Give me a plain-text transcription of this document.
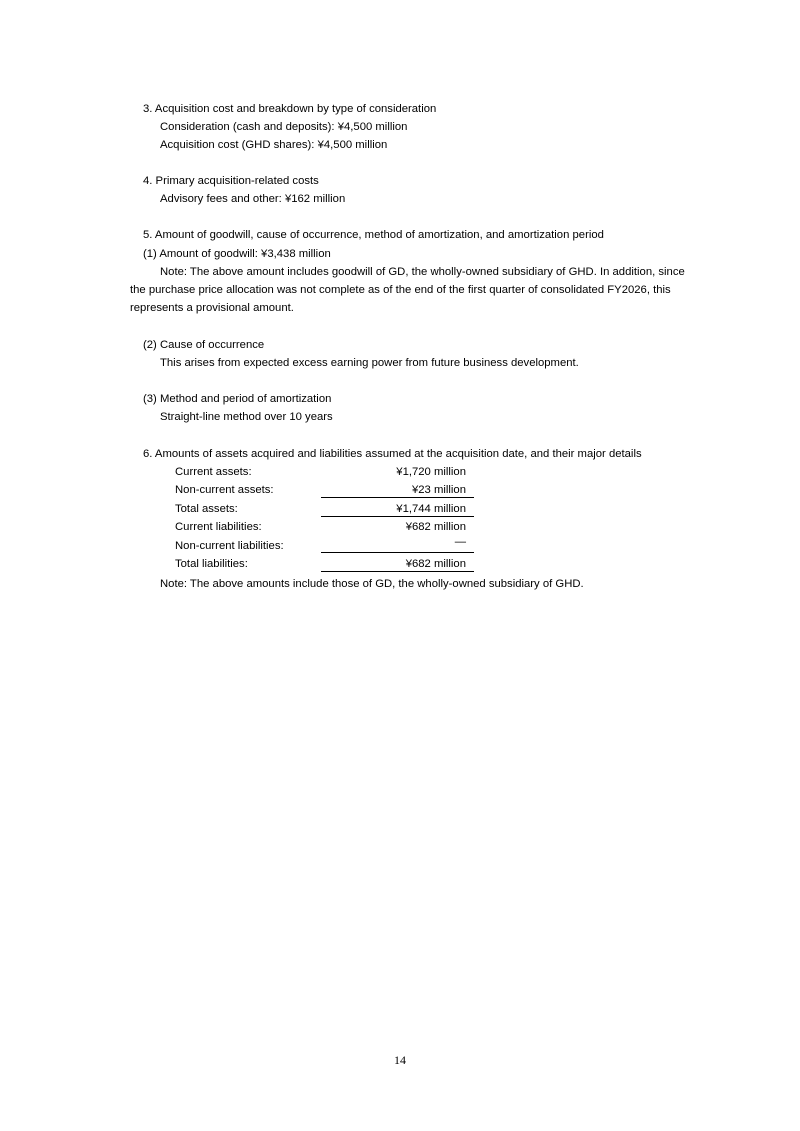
3. Acquisition cost and breakdown by type of consideration
Consideration (cash and deposits): ¥4,500 million
Acquisition cost (GHD shares): ¥4,500 million
4. Primary acquisition-related costs
Advisory fees and other: ¥162 million
5. Amount of goodwill, cause of occurrence, method of amortization, and amortization period
(1) Amount of goodwill: ¥3,438 million
Note: The above amount includes goodwill of GD, the wholly-owned subsidiary of GHD. In addition, since
the purchase price allocation was not complete as of the end of the first quarter of consolidated FY2026, this
represents a provisional amount.
(2) Cause of occurrence
This arises from expected excess earning power from future business development.
(3) Method and period of amortization
Straight-line method over 10 years
6. Amounts of assets acquired and liabilities assumed at the acquisition date, and their major details
Current assets:	¥1,720 million
Non-current assets:	¥23 million
Total assets:	¥1,744 million
Current liabilities:	¥682 million
Non-current liabilities:	—
Total liabilities:	¥682 million
Note: The above amounts include those of GD, the wholly-owned subsidiary of GHD.
14
